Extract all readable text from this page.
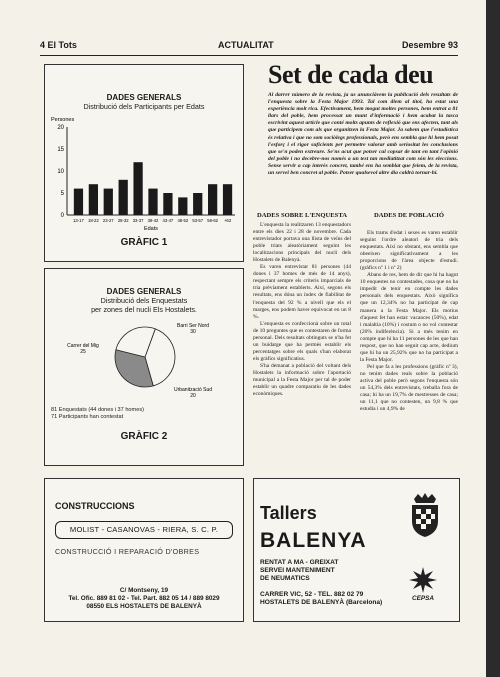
4 El Tots	ACTUALITAT	Desembre 93
DADES GENERALS
Distribució dels Participants per Edats
Persones
20
15
10
5
0
13-17 18-22 23-27 28-32 33-37 38-42 43-47 48-52 53-57 58-62 +63
Edats
GRÀFIC 1
DADES GENERALS
Distribució dels Enquestats
per zones del nucli Els Hostalets.
Barri Ser Nord 30
Carrer del Mig 25
Urbanització Sud 20
81 Enquestats (44 dones i 37 homes)
71 Participants han contestat
GRÀFIC 2
Set de cada deu
Al darrer número de la revista, ja us anunciàvem la publicació dels resultats de l'enquesta sobre la Festa Major 1993. Tal com diem al títol, ha estat una experiència molt rica. Efectivament, hem mogut moltes persones, hem entrat a 81 llars del poble, hem processat un munt d'informació i hem acabat la tasca escrivint aquest article que conté molts apunts de reflexió que ens afecten, tant als que participem com als que organitzen la Festa Major. Ja sabem que l'estadística és relativa i que no som sociòlegs professionals, però ens sembla que hi hem posat l'esforç i el rigor suficients per permetre valorar amb seriositat les conclusions que se'n poden extreure. Se'ns acut que potser cal copsar de tant en tant l'opinió del poble i no decebre-nos només a un test tan mediatitzat com són les eleccions. Sense servir a cap interès concret, també ens ha semblat que feiem, de la revista, un servei ben concret al poble. Potser qualsevol altre dia caldrà tornar-hi.
DADES SOBRE L'ENQUESTA

L'enquesta la realitzaren 13 enquestadors entre els dies 22 i 28 de novembre. Cada entrevistador portava una llista de veïns del poble triats aleatòriament seguint les localitzacions principals del nucli dels Hostalets de Balenyà.

Es varen entrevistar 81 persones (44 dones i 37 homes de més de 14 anys), respectant sempre els criteris imparcials de tria prèviament establerts. Així, segons els resultats, ens dóna un índex de fiabilitat de l'enquesta del 92 % a nivell que els el marges, ens podem haver equivocat en un 8 %.

L'enquesta es confeccionà sobre un total de 10 preguntes que es contestaren de forma personal. Dels resultats obtinguts se n'ha fet un buidatge que ha permès establir els percentatges sobre els quals s'han elaborat els gràfics significatius.

S'ha demanat a població del voltant dels Hostalets la informació sobre l'aportació municipal a la Festa Major per tal de poder establir un quadre comparatiu de les dades econòmiques.

DADES DE POBLACIÓ

Els trams d'edat i sexes es varen establir seguint l'ordre aleatori de tria dels enquestats. Així no obstant, ens sembla que obeeixen significativament a les proporcions de l'àrea objecte d'estudi. (gràfics nº 1 i nº 2)

Abans de res, hem de dir que hi ha hagut 10 enquestes no contestades, cosa que no ha impedit de tenir en compte les dades personals dels enquestats. Això significa que un 12,34% no ha participat de cap manera a la Festa Major. Els motius d'aquest fet han estat: vacances (50%), edat i malaltia (10%) i costum o no vol contestar (20% indiferència). Si a més tenim en compte que hi ha 11 persones de les que han respost, que no han seguit cap acte, dedium que hi ha un 25,92% que no ha participat a la Festa Major.

Pel que fa a les professions (gràfic nº 3), no tenim dades reals sobre la població activa del poble però segons l'enquesta són un 54,3% dels entrevistats, treballa fora de casa; hi ha un 19,7% de mestresses de casa; un 11,1 que no contesten, un 9,8 % que estudia i un 4,9% de

CONSTRUCCIONS
MOLIST - CASANOVAS - RIERA, S. C. P.
CONSTRUCCIÓ I REPARACIÓ D'OBRES
C/ Montseny, 19
Tel. Ofic. 889 81 02 - Tel. Part. 882 05 14 / 889 8029
08550 ELS HOSTALETS DE BALENYÀ
Tallers
BALENYA
RENTAT A MA - GREIXAT
SERVEI MANTENIMENT
DE NEUMATICS
CEPSA
CARRER VIC, 52 - TEL. 882 02 79
HOSTALETS DE BALENYÀ (Barcelona)
